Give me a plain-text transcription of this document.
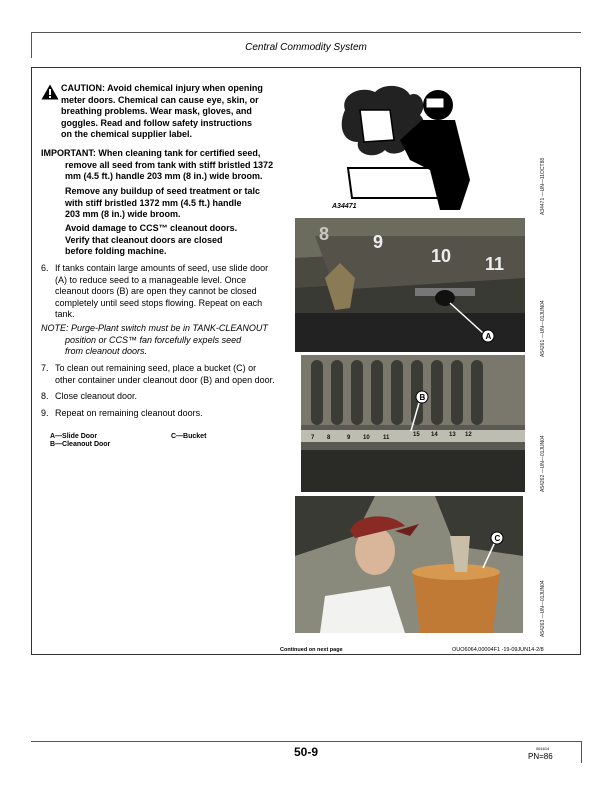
Central Commodity System
CAUTION: Avoid chemical injury when opening
meter doors. Chemical can cause eye, skin, or
breathing problems. Wear mask, gloves, and
goggles. Read and follow safety instructions
on the chemical supplier label.
IMPORTANT: When cleaning tank for certified seed,
remove all seed from tank with stiff bristled 1372
mm (4.5 ft.) handle 203 mm (8 in.) wide broom.
Remove any buildup of seed treatment or talc
with stiff bristled 1372 mm (4.5 ft.) handle
203 mm (8 in.) wide broom.
Avoid damage to CCS™ cleanout doors.
Verify that cleanout doors are closed
before folding machine.
6. If tanks contain large amounts of seed, use slide door
(A) to reduce seed to a manageable level. Once
cleanout doors (B) are open they cannot be closed
completely until seed stops flowing. Repeat on each
tank.
NOTE: Purge-Plant switch must be in TANK-CLEANOUT
position or CCS™ fan forcefully expels seed
from cleanout doors.
7. To clean out remaining seed, place a bucket (C) or
other container under cleanout door (B) and open door.
8. Close cleanout door.
9. Repeat on remaining cleanout doors.
A—Slide Door
B—Cleanout Door
C—Bucket
A34471	A34471 —UN—11OCT88
A
8 9
10 11
A54261 —UN—01JUN04
B
7 8	9 10 11	15 14 13 12
A54262 —UN—01JUN04
C
A54263 —UN—01JUN04
Continued on next page	OUO6064,00004F1 -19-09JUN14-2/8
50-9	061614
PN=86
